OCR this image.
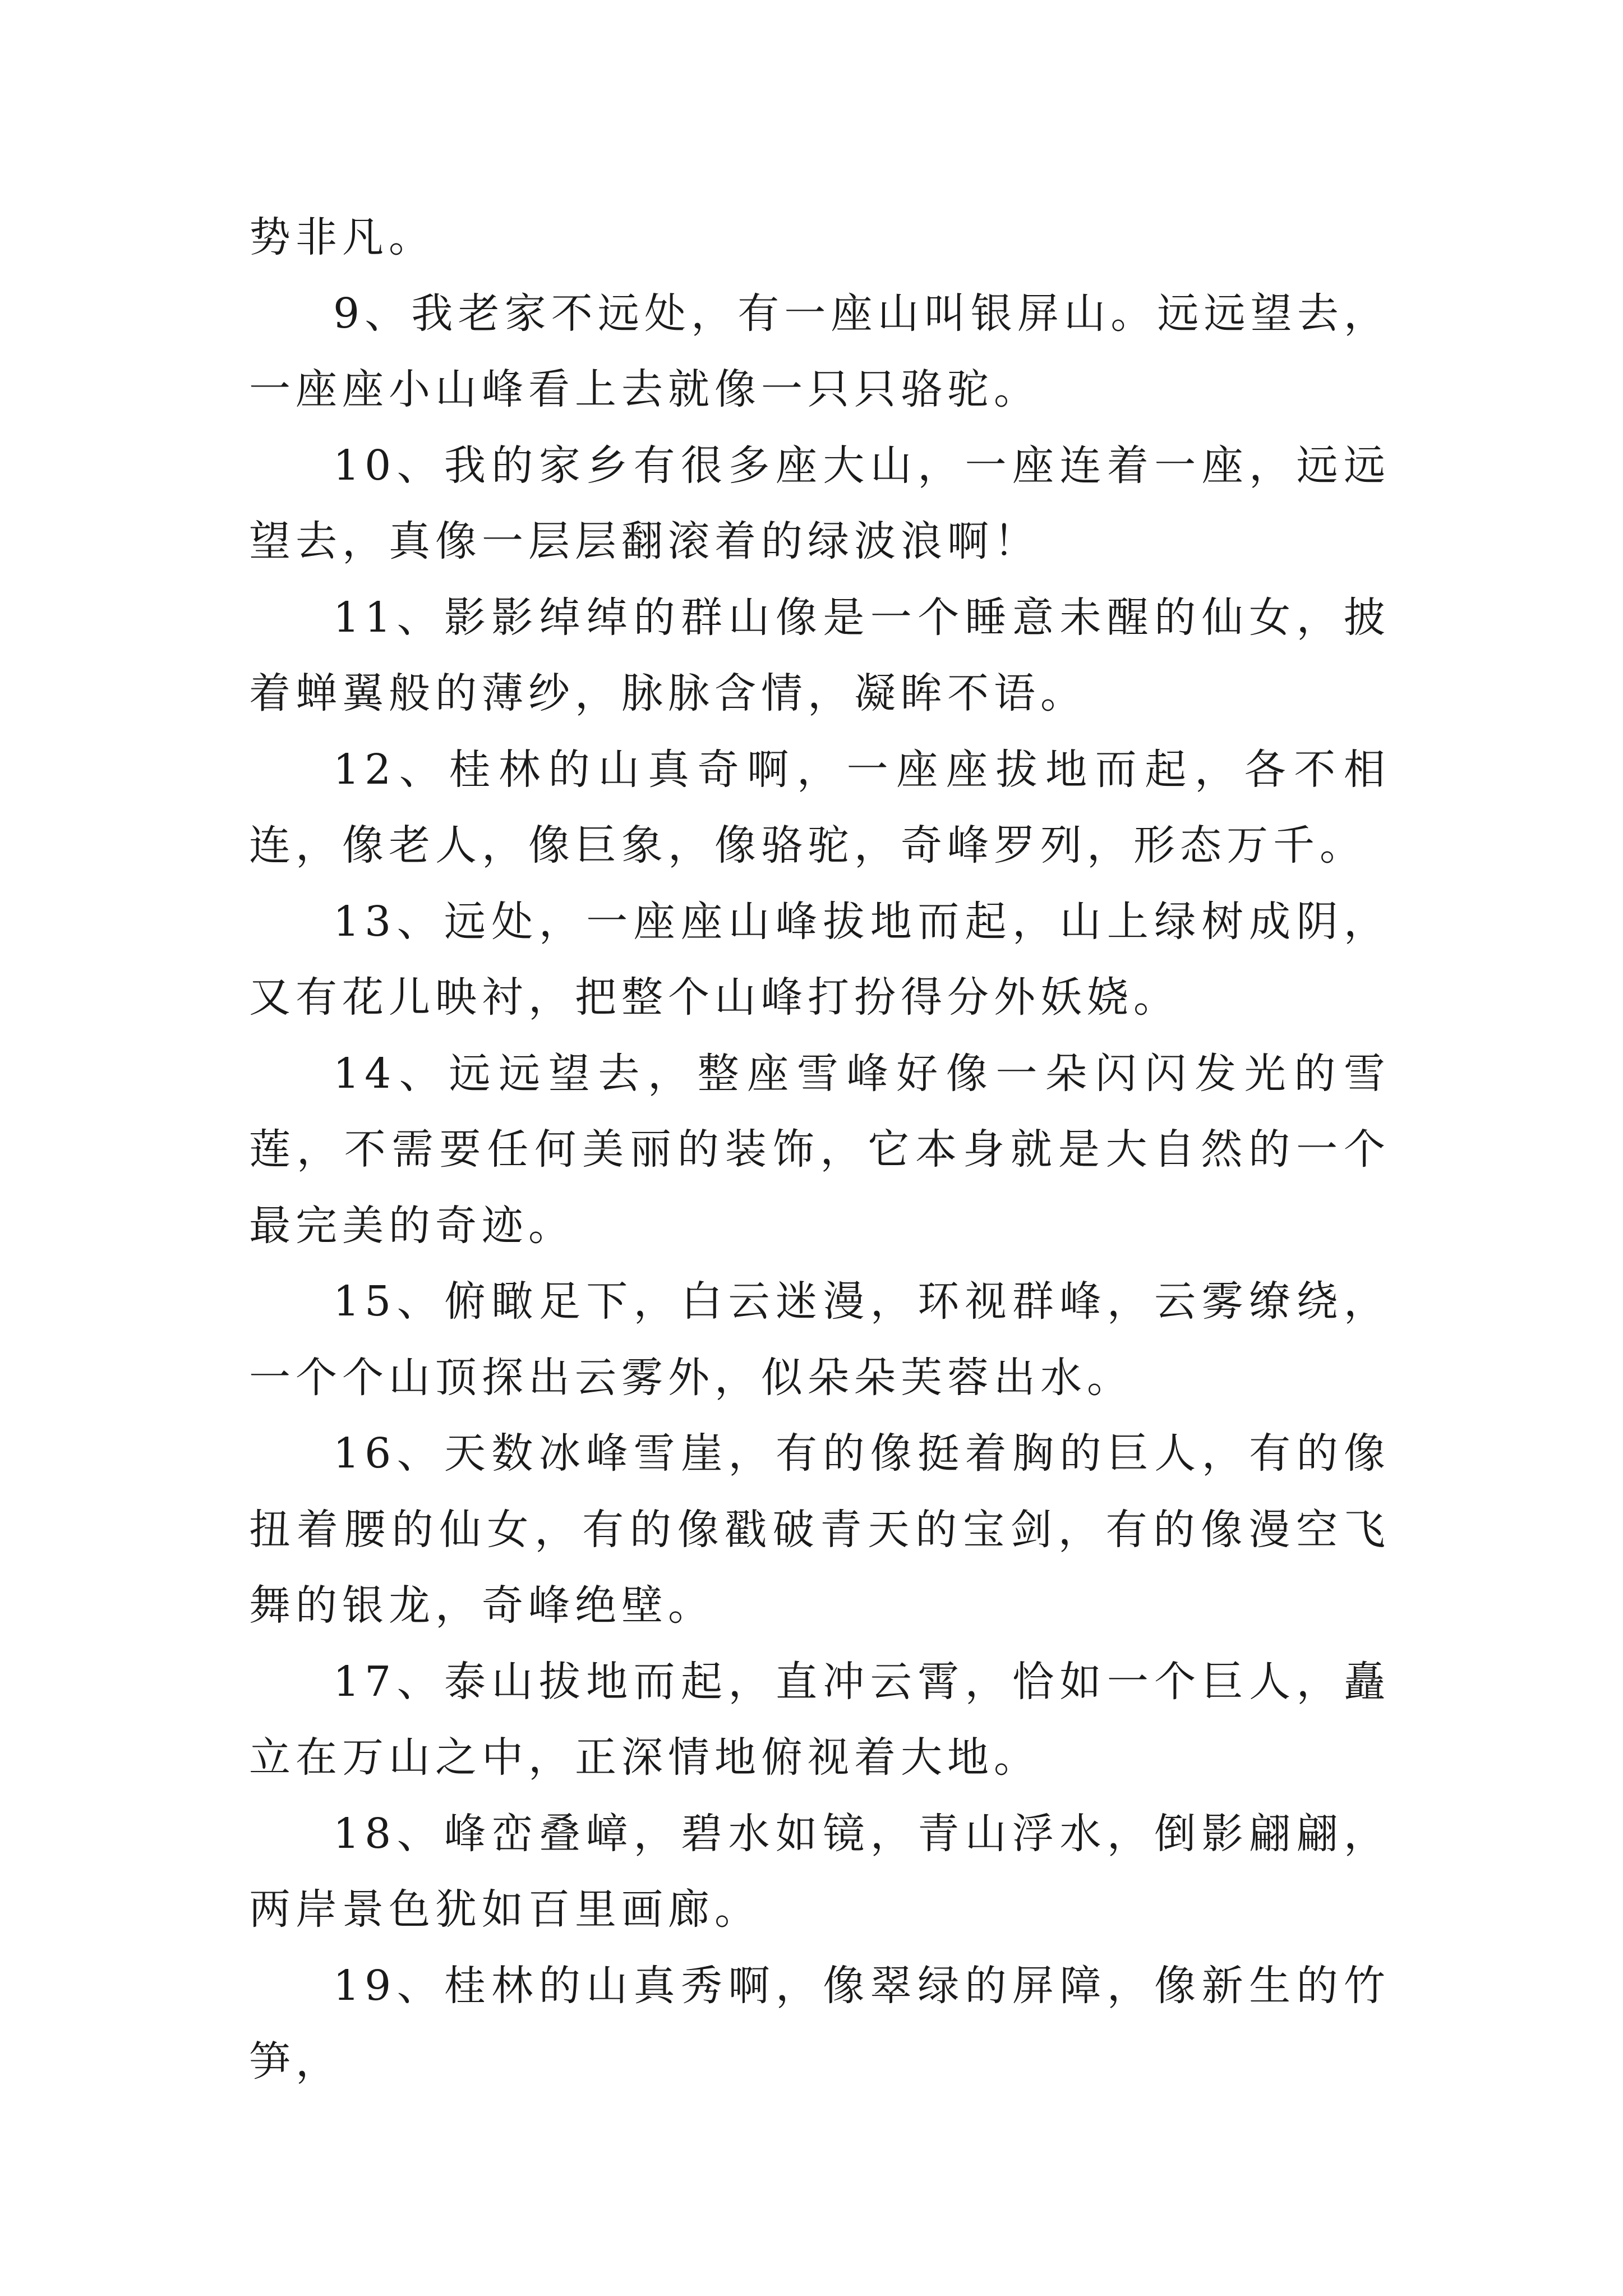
势非凡。

9、我老家不远处，有一座山叫银屏山。远远望去，一座座小山峰看上去就像一只只骆驼。

10、我的家乡有很多座大山，一座连着一座，远远望去，真像一层层翻滚着的绿波浪啊！

11、影影绰绰的群山像是一个睡意未醒的仙女，披着蝉翼般的薄纱，脉脉含情，凝眸不语。

12、桂林的山真奇啊，一座座拔地而起，各不相连，像老人，像巨象，像骆驼，奇峰罗列，形态万千。

13、远处，一座座山峰拔地而起，山上绿树成阴，又有花儿映衬，把整个山峰打扮得分外妖娆。

14、远远望去，整座雪峰好像一朵闪闪发光的雪莲，不需要任何美丽的装饰，它本身就是大自然的一个最完美的奇迹。

15、俯瞰足下，白云迷漫，环视群峰，云雾缭绕，一个个山顶探出云雾外，似朵朵芙蓉出水。

16、天数冰峰雪崖，有的像挺着胸的巨人，有的像扭着腰的仙女，有的像戳破青天的宝剑，有的像漫空飞舞的银龙，奇峰绝壁。

17、泰山拔地而起，直冲云霄，恰如一个巨人，矗立在万山之中，正深情地俯视着大地。

18、峰峦叠嶂，碧水如镜，青山浮水，倒影翩翩，两岸景色犹如百里画廊。

19、桂林的山真秀啊，像翠绿的屏障，像新生的竹笋，
